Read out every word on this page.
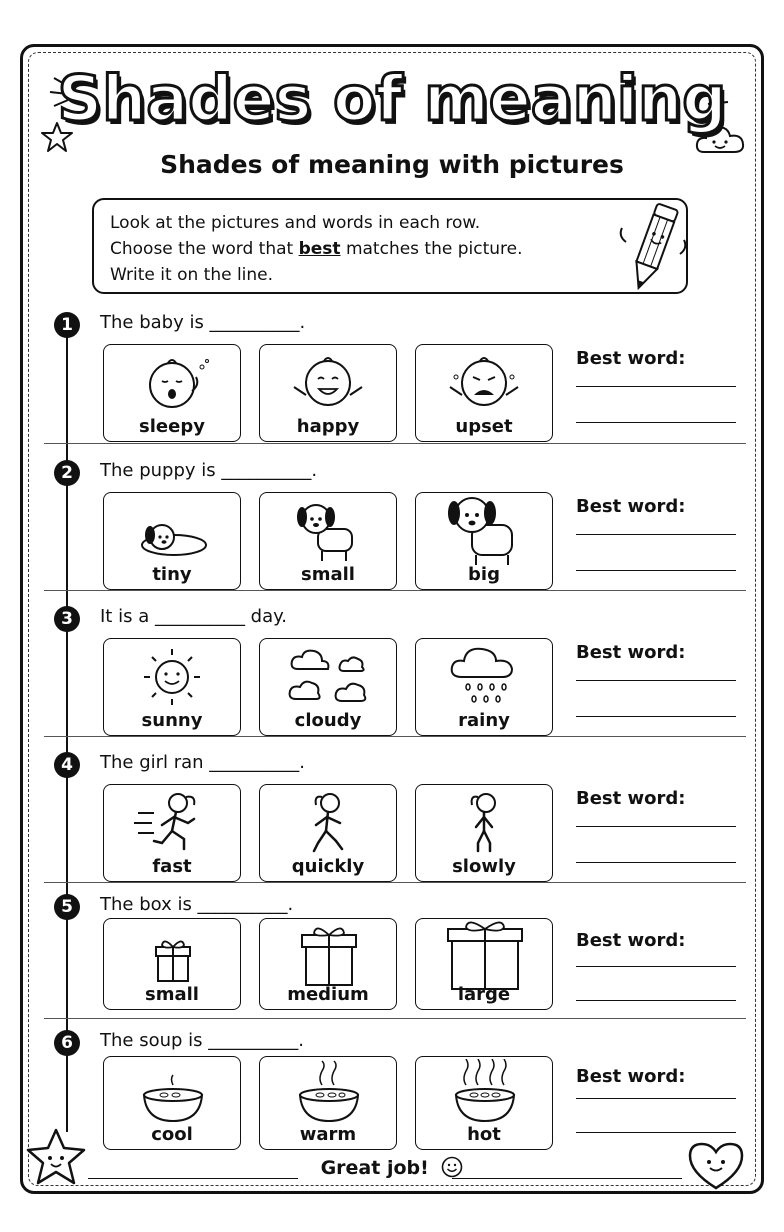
Shades of meaning
Shades of meaning with pictures
Look at the pictures and words in each row.
Choose the word that best matches the picture.
Write it on the line.
1	The baby is __________.
sleepy	happy	upset
Best word:
2	The puppy is __________.
tiny	small	big
Best word:
3	It is a __________ day.
sunny	cloudy	rainy
Best word:
4	The girl ran __________.
fast	quickly	slowly
Best word:
5	The box is __________.
small	medium	large
Best word:
6	The soup is __________.
cool	warm	hot
Best word:
Great job!
